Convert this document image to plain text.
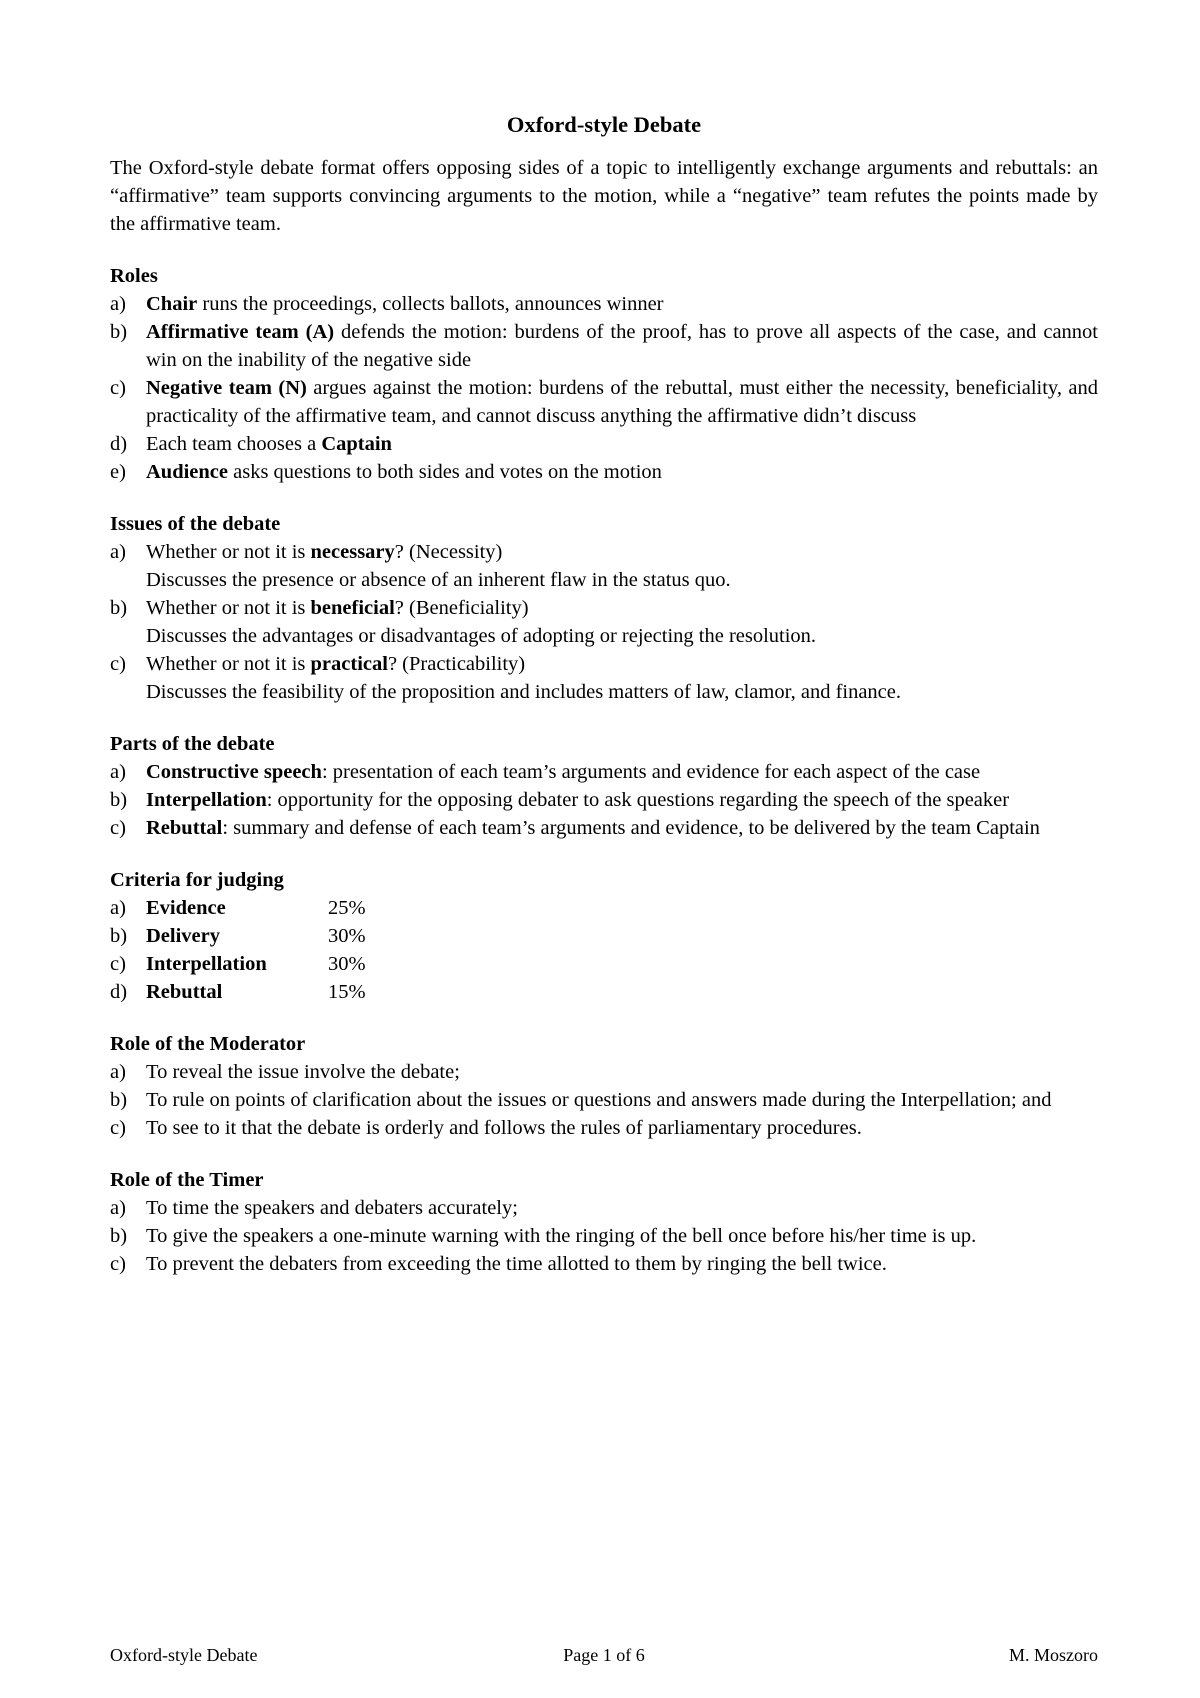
Oxford-style Debate

The Oxford-style debate format offers opposing sides of a topic to intelligently exchange arguments and rebuttals: an “affirmative” team supports convincing arguments to the motion, while a “negative” team refutes the points made by the affirmative team.

Roles
a) Chair runs the proceedings, collects ballots, announces winner
b) Affirmative team (A) defends the motion: burdens of the proof, has to prove all aspects of the case, and cannot win on the inability of the negative side
c) Negative team (N) argues against the motion: burdens of the rebuttal, must either the necessity, beneficiality, and practicality of the affirmative team, and cannot discuss anything the affirmative didn’t discuss
d) Each team chooses a Captain
e) Audience asks questions to both sides and votes on the motion
Issues of the debate
a) Whether or not it is necessary? (Necessity)
Discusses the presence or absence of an inherent flaw in the status quo.
b) Whether or not it is beneficial? (Beneficiality)
Discusses the advantages or disadvantages of adopting or rejecting the resolution.
c) Whether or not it is practical? (Practicability)
Discusses the feasibility of the proposition and includes matters of law, clamor, and finance.
Parts of the debate
a) Constructive speech: presentation of each team’s arguments and evidence for each aspect of the case
b) Interpellation: opportunity for the opposing debater to ask questions regarding the speech of the speaker
c) Rebuttal: summary and defense of each team’s arguments and evidence, to be delivered by the team Captain
Criteria for judging
a) Evidence	25%
b) Delivery	30%
c) Interpellation	30%
d) Rebuttal	15%
Role of the Moderator
a) To reveal the issue involve the debate;
b) To rule on points of clarification about the issues or questions and answers made during the Interpellation; and
c) To see to it that the debate is orderly and follows the rules of parliamentary procedures.
Role of the Timer
a) To time the speakers and debaters accurately;
b) To give the speakers a one-minute warning with the ringing of the bell once before his/her time is up.
c) To prevent the debaters from exceeding the time allotted to them by ringing the bell twice.
Oxford-style Debate	Page 1 of 6	M. Moszoro
